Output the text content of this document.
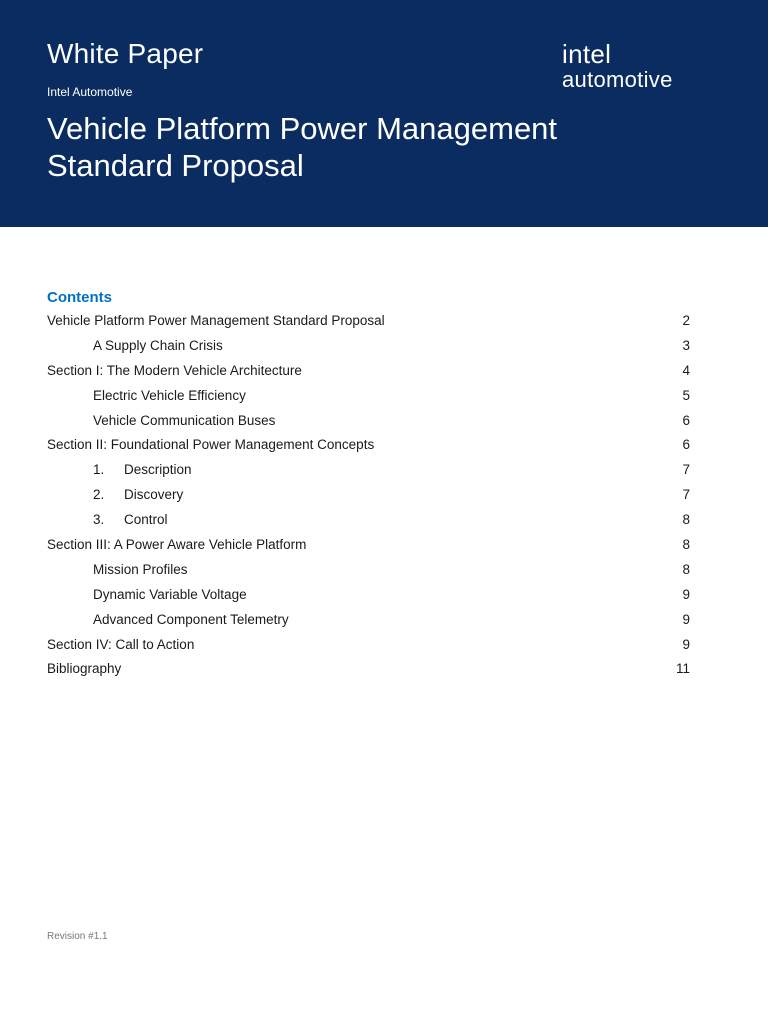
White Paper
Intel Automotive
Vehicle Platform Power Management
Standard Proposal
intel
automotive
Contents
Vehicle Platform Power Management Standard Proposal	2
A Supply Chain Crisis	3
Section I: The Modern Vehicle Architecture	4
Electric Vehicle Efficiency	5
Vehicle Communication Buses	6
Section II: Foundational Power Management Concepts	6
1. Description	7
2. Discovery	7
3. Control	8
Section III: A Power Aware Vehicle Platform	8
Mission Profiles	8
Dynamic Variable Voltage	9
Advanced Component Telemetry	9
Section IV: Call to Action	9
Bibliography	11
Revision #1.1
